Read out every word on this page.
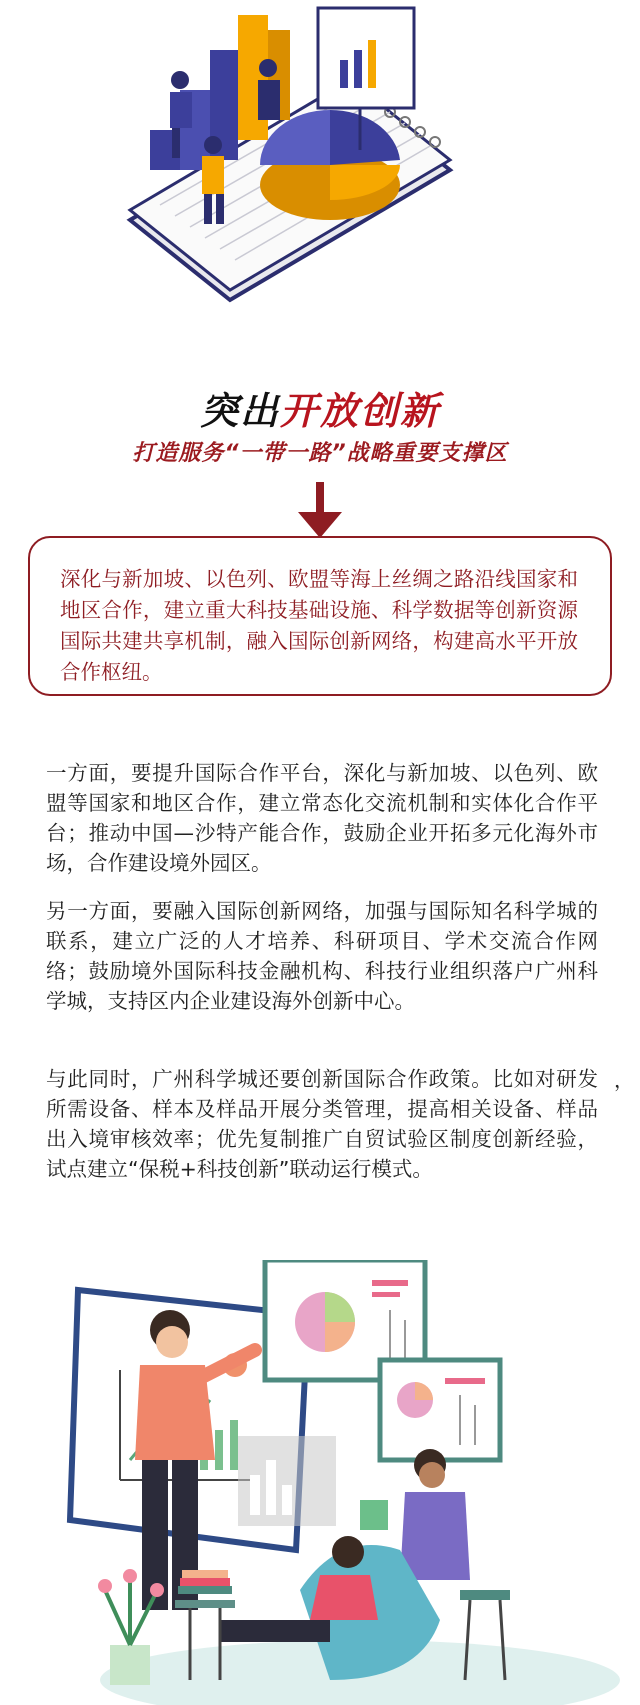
突出开放创新
打造服务“一带一路”战略重要支撑区

深化与新加坡、以色列、欧盟等海上丝绸之路沿线国家和地区合作，建立重大科技基础设施、科学数据等创新资源国际共建共享机制，融入国际创新网络，构建高水平开放合作枢纽。

一方面，要提升国际合作平台，深化与新加坡、以色列、欧盟等国家和地区合作，建立常态化交流机制和实体化合作平台；推动中国—沙特产能合作，鼓励企业开拓多元化海外市场，合作建设境外园区。

另一方面，要融入国际创新网络，加强与国际知名科学城的联系，建立广泛的人才培养、科研项目、学术交流合作网络；鼓励境外国际科技金融机构、科技行业组织落户广州科学城，支持区内企业建设海外创新中心。

与此同时，广州科学城还要创新国际合作政策。比如对研发所需设备、样本及样品开展分类管理，提高相关设备、样品出入境审核效率；优先复制推广自贸试验区制度创新经验，试点建立“保税+科技创新”联动运行模式。

，
